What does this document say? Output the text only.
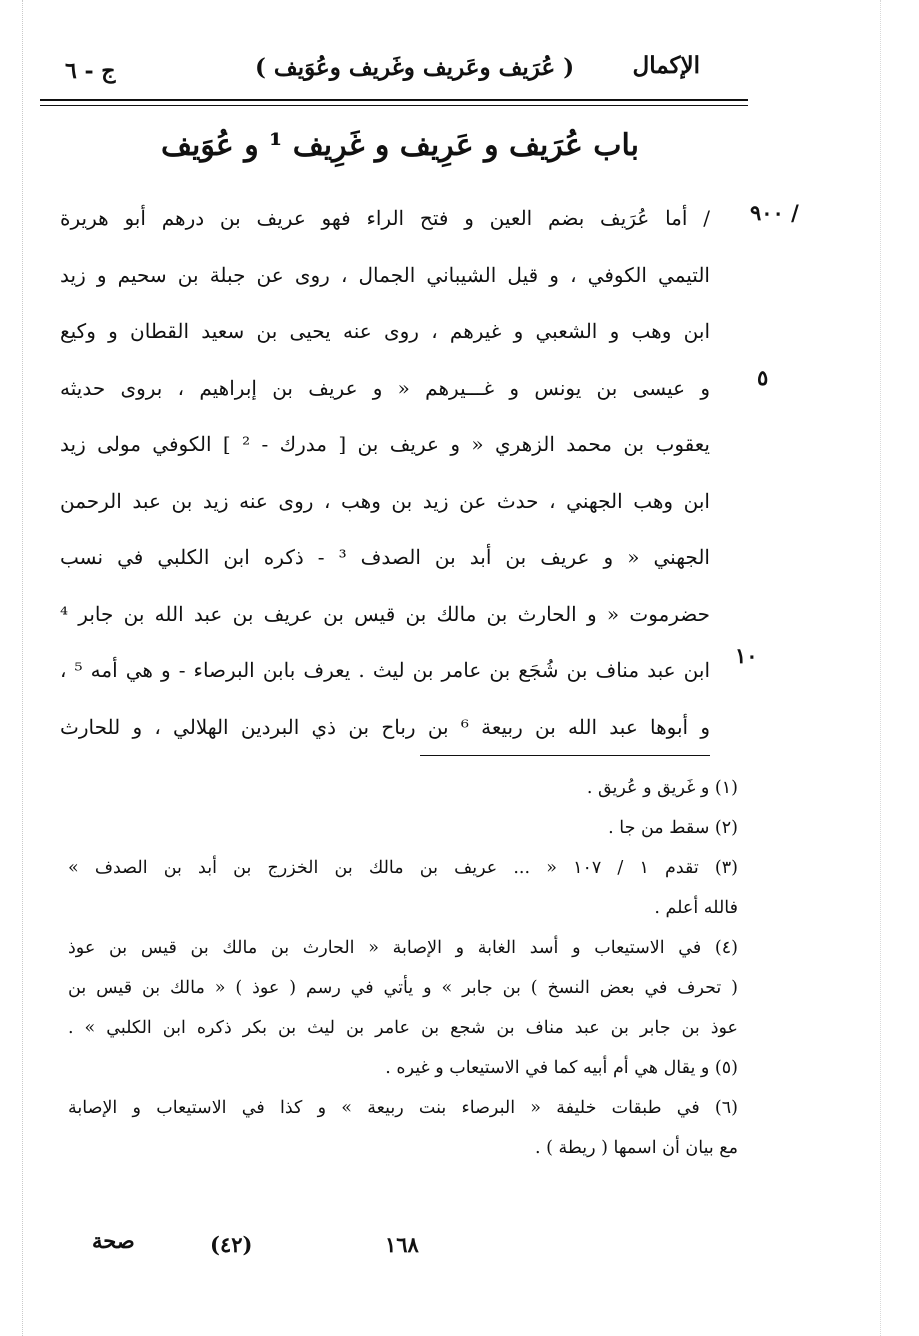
ج - ٦	( عُرَيف وعَريف وغَريف وعُوَيف )	الإكمال
باب عُرَيف و عَرِيف و غَرِيف ¹ و عُوَيف
٩٠٠ /
٥
١٠
/ أما عُرَيف بضم العين و فتح الراء فهو عريف بن درهم أبو هريرة
التيمي الكوفي ، و قيل الشيباني الجمال ، روى عن جبلة بن سحيم و زيد
ابن وهب و الشعبي و غيرهم ، روى عنه يحيى بن سعيد القطان و وكيع
و عيسى بن يونس و غـــيرهم « و عريف بن إبراهيم ، بروى حديثه
يعقوب بن محمد الزهري « و عريف بن [ مدرك - ² ] الكوفي مولى زيد
ابن وهب الجهني ، حدث عن زيد بن وهب ، روى عنه زيد بن عبد الرحمن
الجهني « و عريف بن أبد بن الصدف ³ - ذكره ابن الكلبي في نسب
حضرموت « و الحارث بن مالك بن قيس بن عريف بن عبد الله بن جابر ⁴
ابن عبد مناف بن شُجَع بن عامر بن ليث . يعرف بابن البرصاء - و هي أمه ⁵ ،
و أبوها عبد الله بن ربيعة ⁶ بن رباح بن ذي البردين الهلالي ، و للحارث
(١) و غَريق و عُريق .
(٢) سقط من جا .
(٣) تقدم ١ / ١٠٧ « ... عريف بن مالك بن الخزرج بن أبد بن الصدف »
فالله أعلم .
(٤) في الاستيعاب و أسد الغابة و الإصابة « الحارث بن مالك بن قيس بن عوذ
( تحرف في بعض النسخ ) بن جابر » و يأتي في رسم ( عوذ ) « مالك بن قيس بن
عوذ بن جابر بن عبد مناف بن شجع بن عامر بن ليث بن بكر ذكره ابن الكلبي » .
(٥) و يقال هي أم أبيه كما في الاستيعاب و غيره .
(٦) في طبقات خليفة « البرصاء بنت ربيعة » و كذا في الاستيعاب و الإصابة
مع بيان أن اسمها ( ريطة ) .
صحة	(٤٢)	١٦٨
